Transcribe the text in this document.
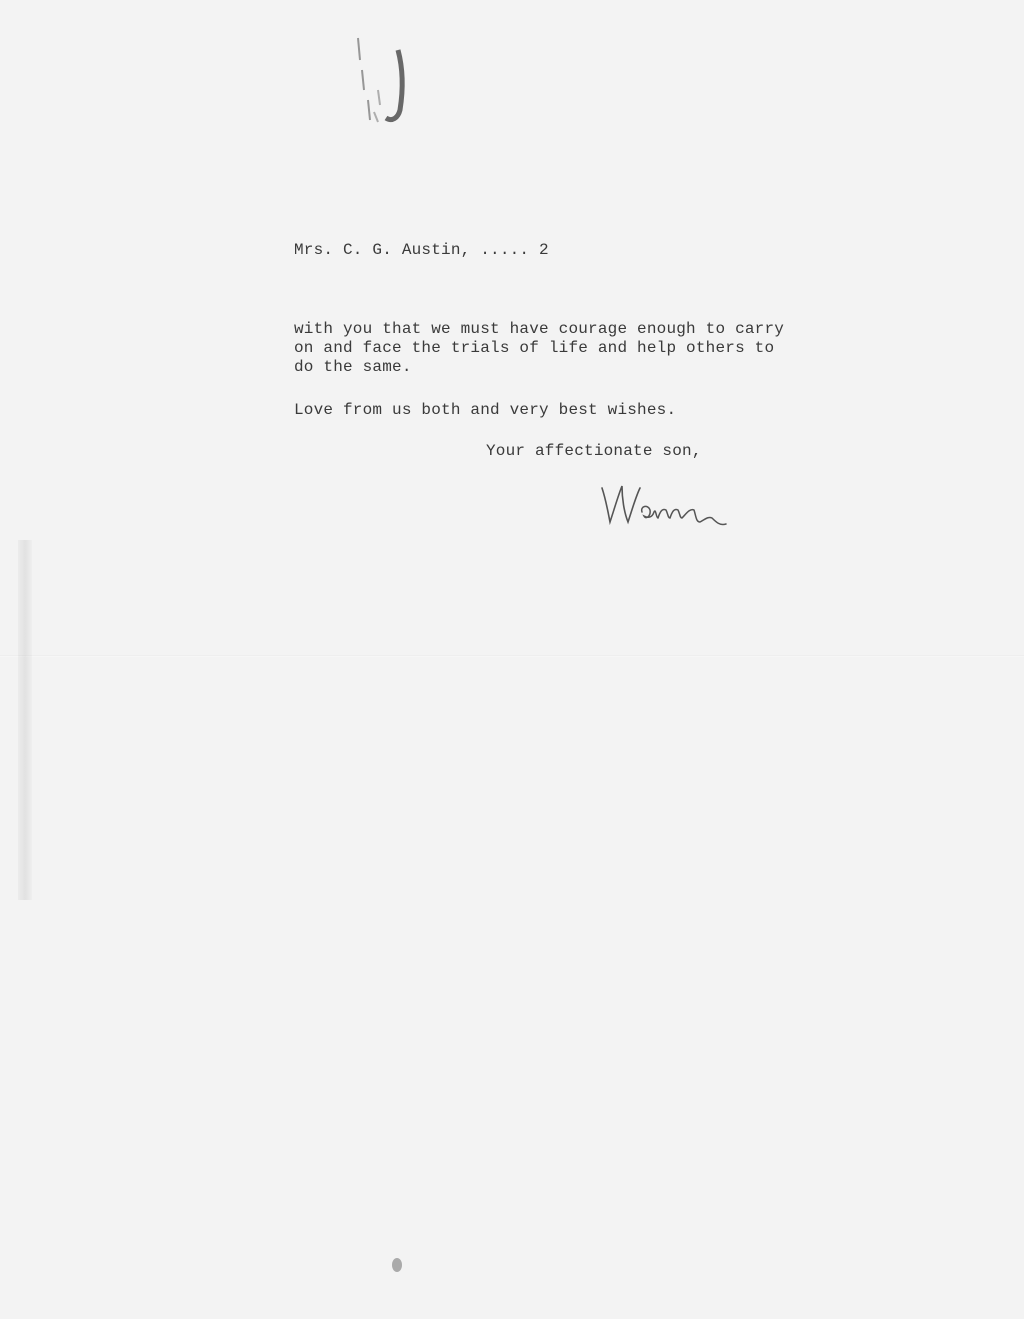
Mrs. C. G. Austin, ..... 2
with you that we must have courage enough to carry
on and face the trials of life and help others to
do the same.
Love from us both and very best wishes.
Your affectionate son,
